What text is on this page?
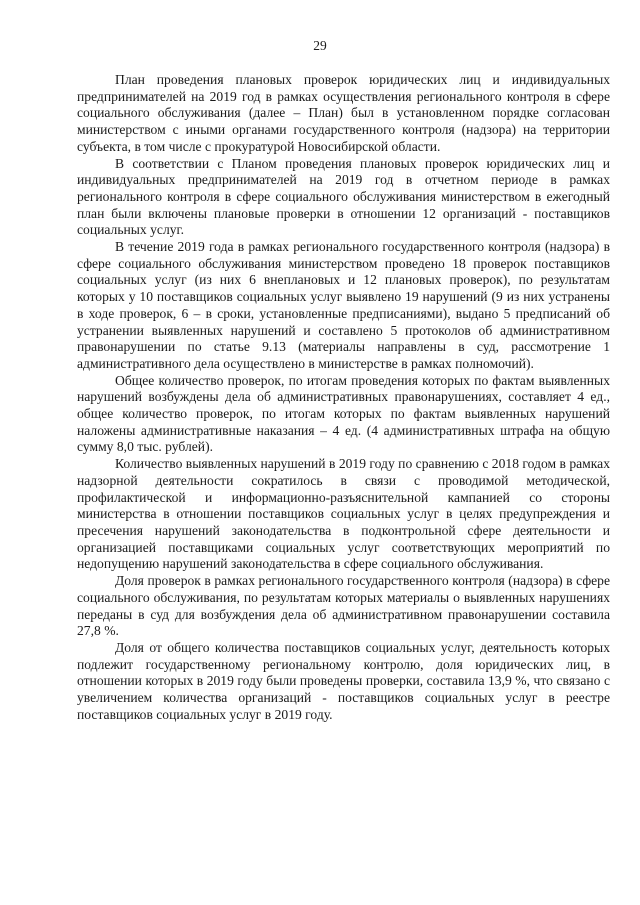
29

План проведения плановых проверок юридических лиц и индивидуальных предпринимателей на 2019 год в рамках осуществления регионального контроля в сфере социального обслуживания (далее – План) был в установленном порядке согласован министерством с иными органами государственного контроля (надзора) на территории субъекта, в том числе с прокуратурой Новосибирской области.

В соответствии с Планом проведения плановых проверок юридических лиц и индивидуальных предпринимателей на 2019 год в отчетном периоде в рамках регионального контроля в сфере социального обслуживания министерством в ежегодный план были включены плановые проверки в отношении 12 организаций - поставщиков социальных услуг.

В течение 2019 года в рамках регионального государственного контроля (надзора) в сфере социального обслуживания министерством проведено 18 проверок поставщиков социальных услуг (из них 6 внеплановых и 12 плановых проверок), по результатам которых у 10 поставщиков социальных услуг выявлено 19 нарушений (9 из них устранены в ходе проверок, 6 – в сроки, установленные предписаниями), выдано 5 предписаний об устранении выявленных нарушений и составлено 5 протоколов об административном правонарушении по статье 9.13 (материалы направлены в суд, рассмотрение 1 административного дела осуществлено в министерстве в рамках полномочий).

Общее количество проверок, по итогам проведения которых по фактам выявленных нарушений возбуждены дела об административных правонарушениях, составляет 4 ед., общее количество проверок, по итогам которых по фактам выявленных нарушений наложены административные наказания – 4 ед. (4 административных штрафа на общую сумму 8,0 тыс. рублей).

Количество выявленных нарушений в 2019 году по сравнению с 2018 годом в рамках надзорной деятельности сократилось в связи с проводимой методической, профилактической и информационно-разъяснительной кампанией со стороны министерства в отношении поставщиков социальных услуг в целях предупреждения и пресечения нарушений законодательства в подконтрольной сфере деятельности и организацией поставщиками социальных услуг соответствующих мероприятий по недопущению нарушений законодательства в сфере социального обслуживания.

Доля проверок в рамках регионального государственного контроля (надзора) в сфере социального обслуживания, по результатам которых материалы о выявленных нарушениях переданы в суд для возбуждения дела об административном правонарушении составила 27,8 %.

Доля от общего количества поставщиков социальных услуг, деятельность которых подлежит государственному региональному контролю, доля юридических лиц, в отношении которых в 2019 году были проведены проверки, составила 13,9 %, что связано с увеличением количества организаций - поставщиков социальных услуг в реестре поставщиков социальных услуг в 2019 году.
